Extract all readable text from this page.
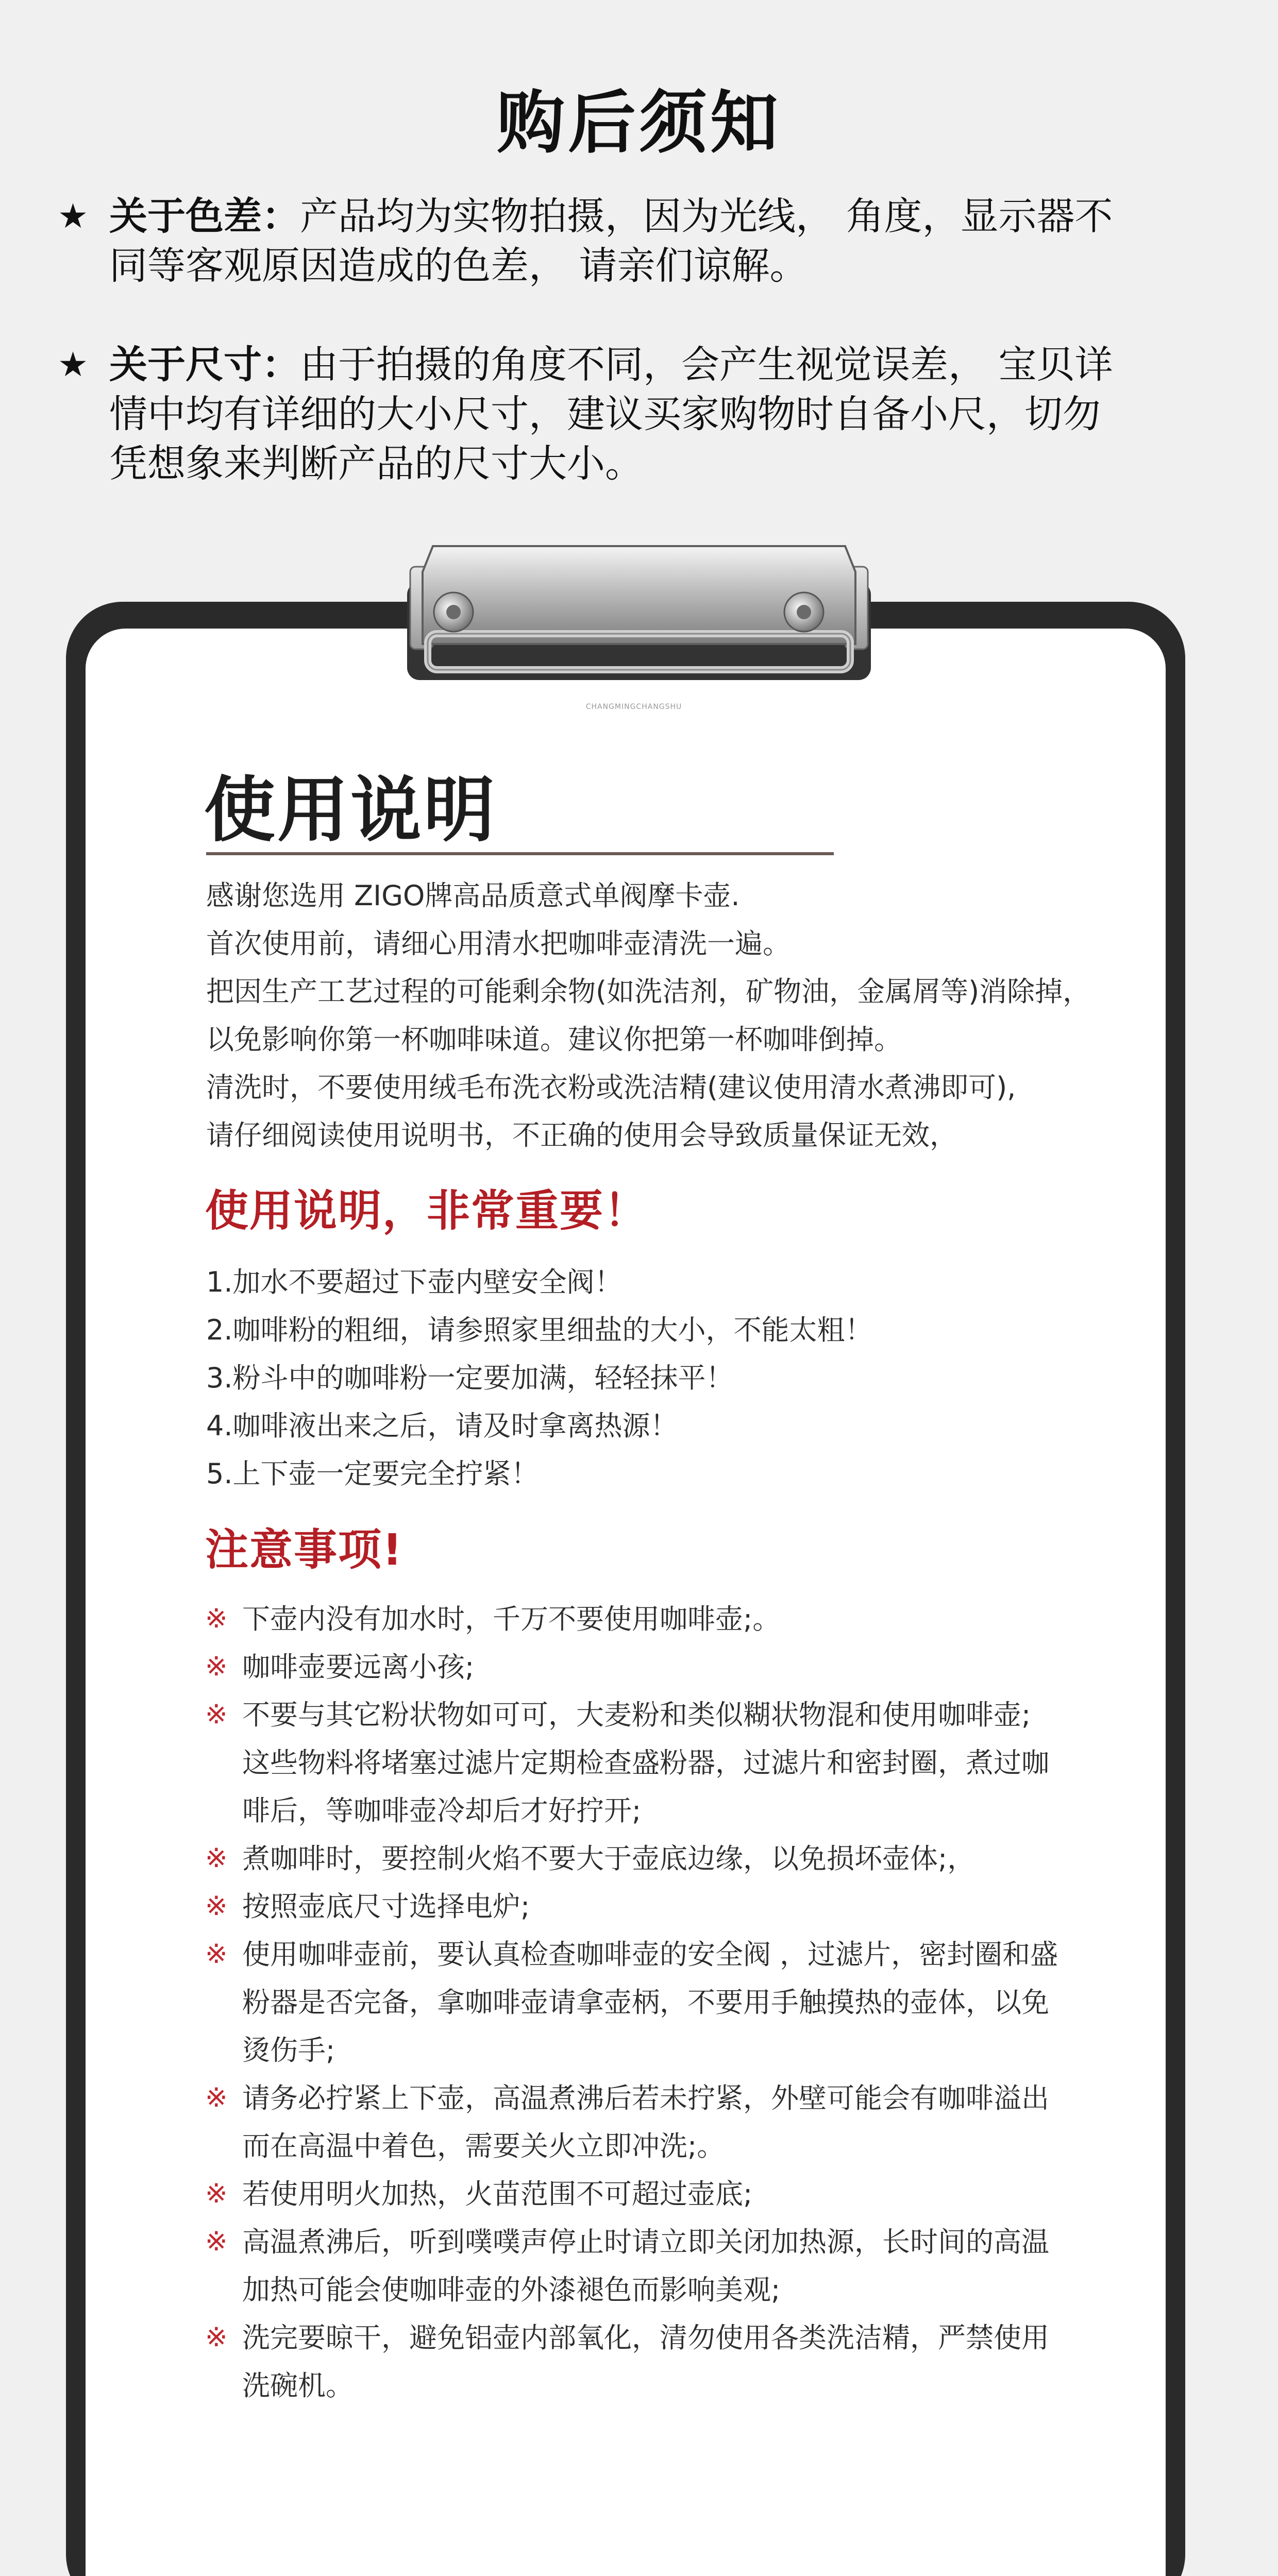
购后须知
★ 关于色差：产品均为实物拍摄，因为光线， 角度，显示器不
同等客观原因造成的色差， 请亲们谅解。
★ 关于尺寸：由于拍摄的角度不同，会产生视觉误差， 宝贝详
情中均有详细的大小尺寸，建议买家购物时自备小尺，切勿
凭想象来判断产品的尺寸大小。
CHANGMINGCHANGSHU
使用说明
感谢您选用 ZIGO牌高品质意式单阀摩卡壶.
首次使用前，请细心用清水把咖啡壶清洗一遍。
把因生产工艺过程的可能剩余物(如洗洁剂，矿物油，金属屑等)消除掉，
以免影响你第一杯咖啡味道。建议你把第一杯咖啡倒掉。
清洗时，不要使用绒毛布洗衣粉或洗洁精(建议使用清水煮沸即可),
请仔细阅读使用说明书，不正确的使用会导致质量保证无效，
使用说明，非常重要！
1.加水不要超过下壶内壁安全阀！
2.咖啡粉的粗细，请参照家里细盐的大小，不能太粗！
3.粉斗中的咖啡粉一定要加满，轻轻抹平！
4.咖啡液出来之后，请及时拿离热源！
5.上下壶一定要完全拧紧！
注意事项!
※ 下壶内没有加水时，千万不要使用咖啡壶;。
※ 咖啡壶要远离小孩;
※ 不要与其它粉状物如可可，大麦粉和类似糊状物混和使用咖啡壶;
这些物料将堵塞过滤片定期检查盛粉器，过滤片和密封圈，煮过咖
啡后，等咖啡壶冷却后才好拧开;
※ 煮咖啡时，要控制火焰不要大于壶底边缘，以免损坏壶体;，
※ 按照壶底尺寸选择电炉;
※ 使用咖啡壶前，要认真检查咖啡壶的安全阀 ，过滤片，密封圈和盛
粉器是否完备，拿咖啡壶请拿壶柄，不要用手触摸热的壶体，以免
烫伤手;
※ 请务必拧紧上下壶，高温煮沸后若未拧紧，外壁可能会有咖啡溢出
而在高温中着色，需要关火立即冲洗;。
※ 若使用明火加热，火苗范围不可超过壶底;
※ 高温煮沸后，听到噗噗声停止时请立即关闭加热源，长时间的高温
加热可能会使咖啡壶的外漆褪色而影响美观;
※ 洗完要晾干，避免铝壶内部氧化，清勿使用各类洗洁精，严禁使用
洗碗机。
